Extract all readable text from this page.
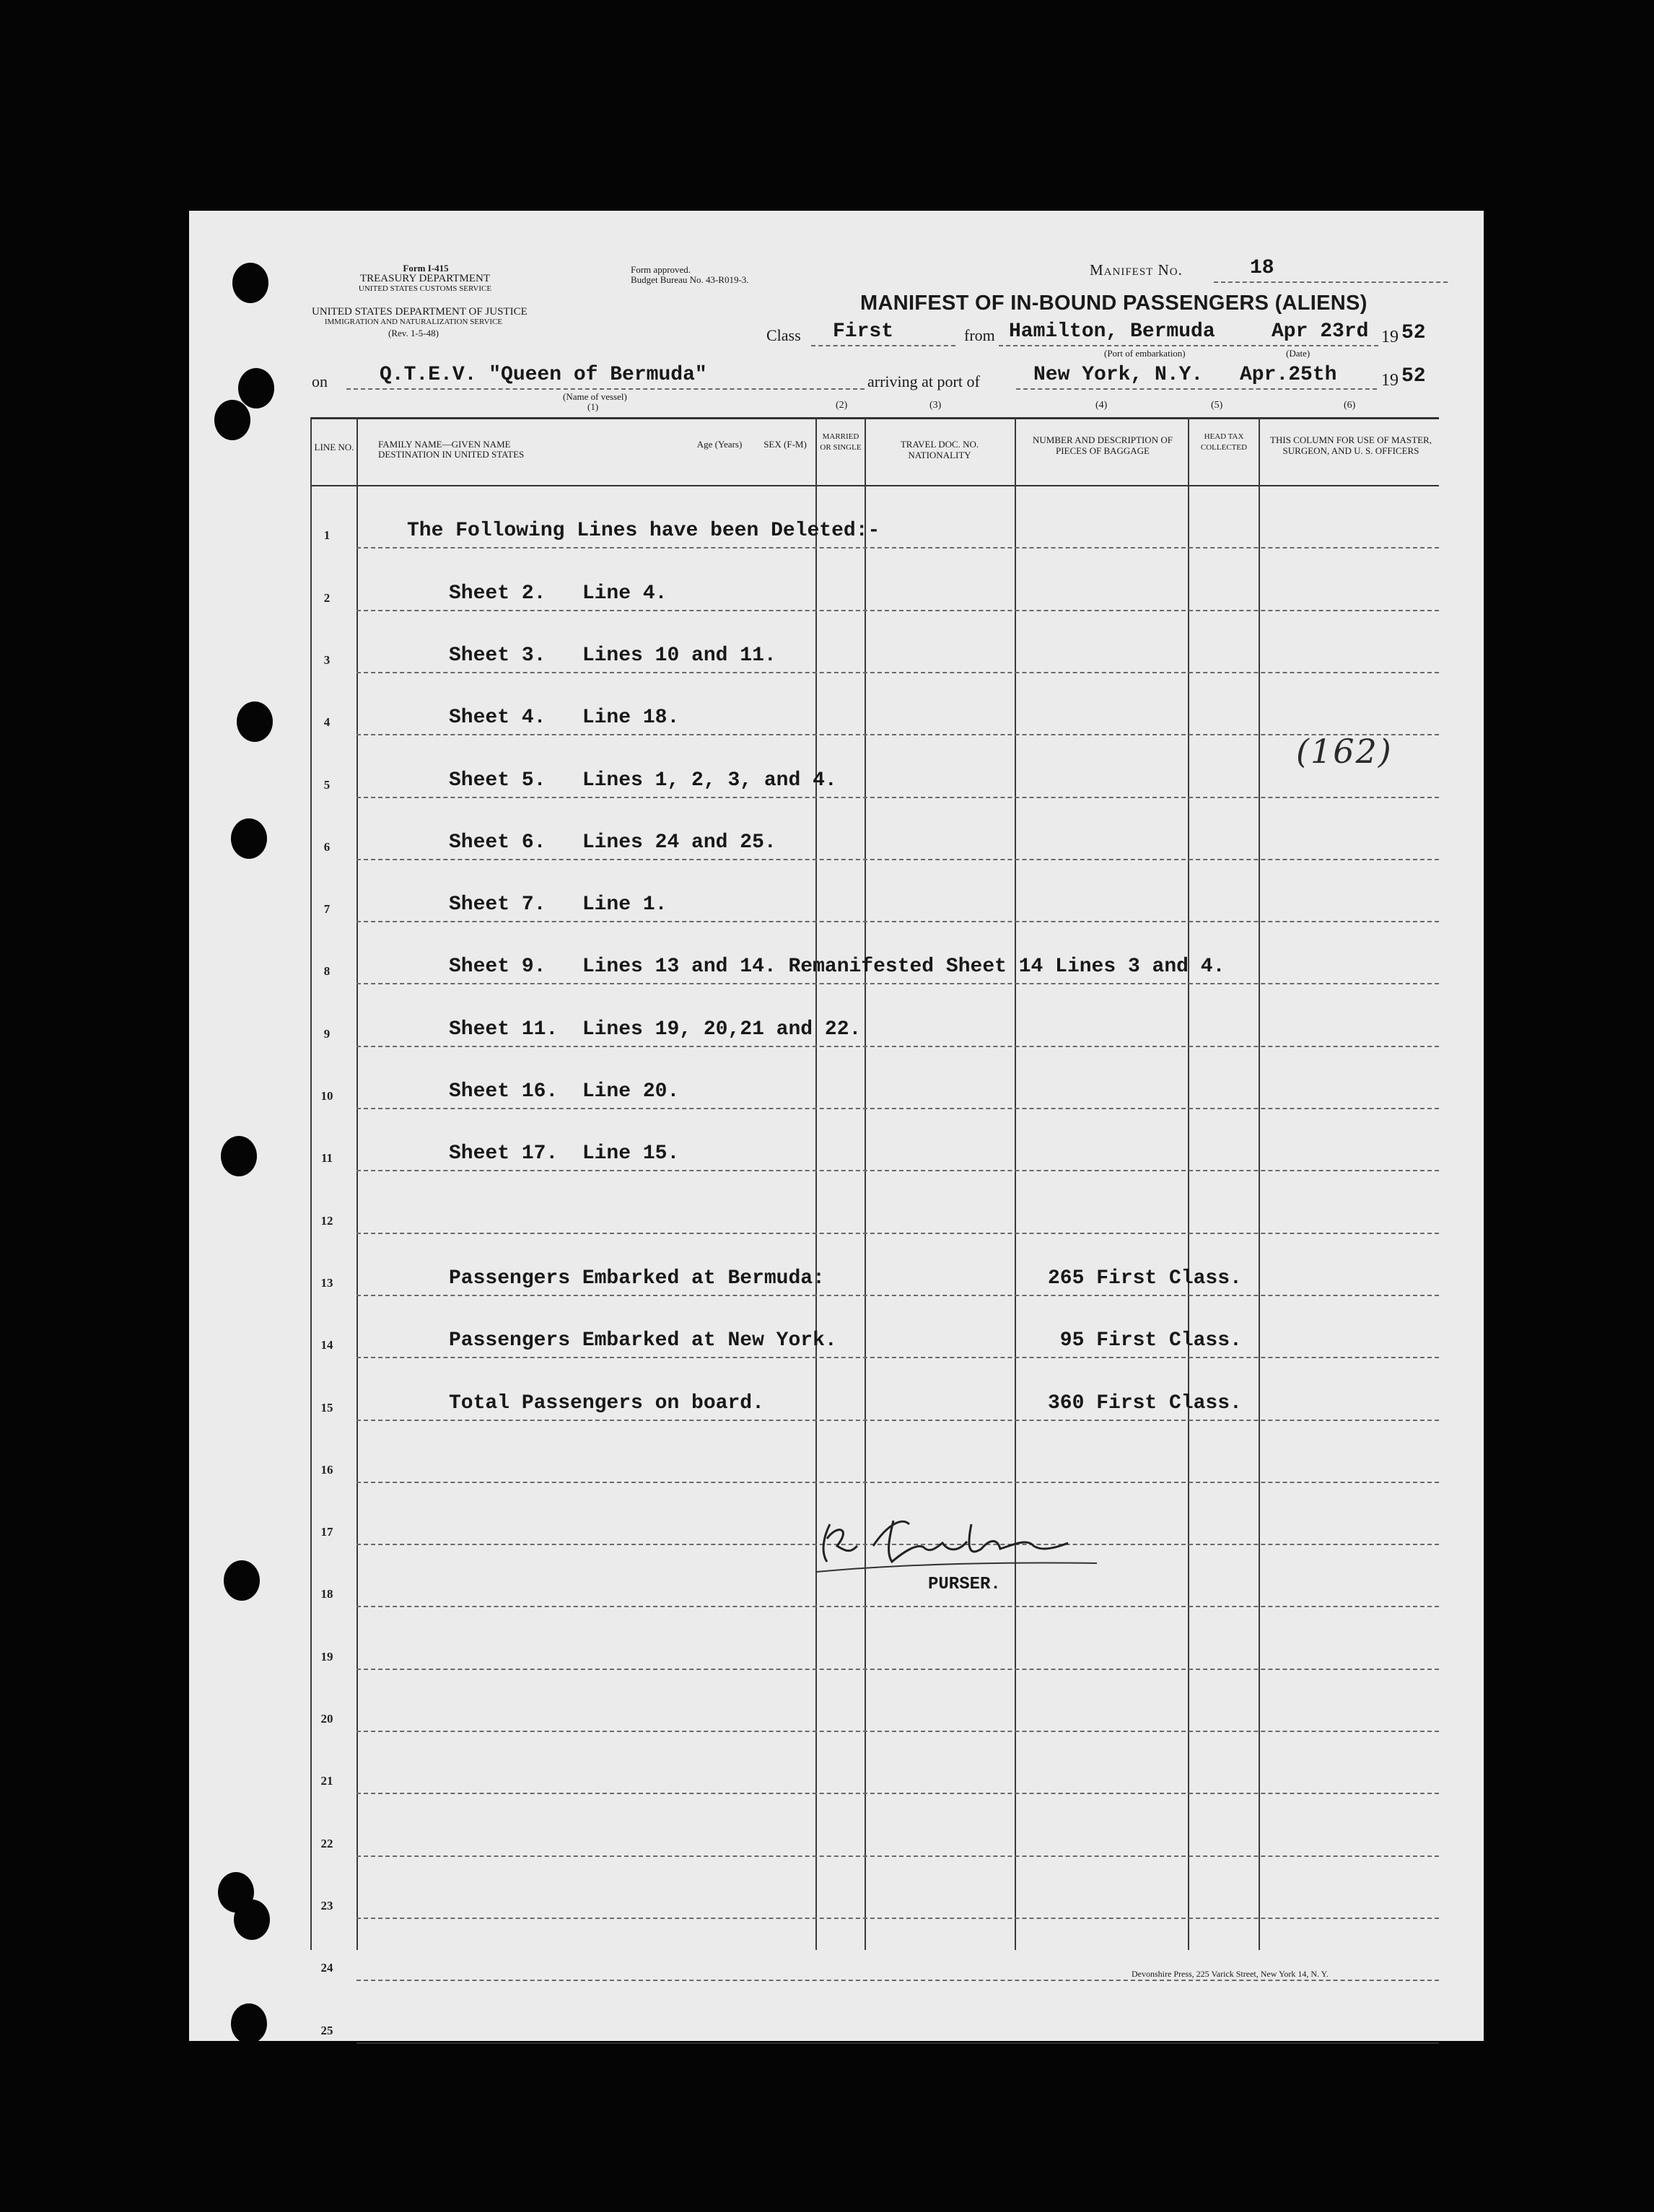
Form I-415
TREASURY DEPARTMENT
UNITED STATES CUSTOMS SERVICE
Form approved.
Budget Bureau No. 43-R019-3.
UNITED STATES DEPARTMENT OF JUSTICE
IMMIGRATION AND NATURALIZATION SERVICE
(Rev. 1-5-48)
Manifest No.	18
MANIFEST OF IN-BOUND PASSENGERS (ALIENS)
Class First	from Hamilton, Bermuda	Apr 23rd 19 52
(Port of embarkation)	(Date)
on	Q.T.E.V. "Queen of Bermuda"
(Name of vessel)
(1)
arriving at port of	New York, N.Y. Apr.25th	19 52
(2)	(3)	(4)	(5)	(6)
LINE NO.	FAMILY NAME—GIVEN NAME
DESTINATION IN UNITED STATES
Age (Years) SEX (F-M)
MARRIED OR SINGLE	TRAVEL DOC. NO. NATIONALITY
NUMBER AND DESCRIPTION OF PIECES OF BAGGAGE
HEAD TAX COLLECTED
THIS COLUMN FOR USE OF MASTER, SURGEON, AND U. S. OFFICERS
1	The Following Lines have been Deleted:-
2	Sheet 2.   Line 4.
3	Sheet 3.   Lines 10 and 11.
4	Sheet 4.   Line 18.
5	Sheet 5.   Lines 1, 2, 3, and 4.
6	Sheet 6.   Lines 24 and 25.
7	Sheet 7.   Line 1.
8	Sheet 9.   Lines 13 and 14. Remanifested Sheet 14 Lines 3 and 4.
9	Sheet 11.  Lines 19, 20,21 and 22.
10	Sheet 16.  Line 20.
11	Sheet 17.  Line 15.
12
13	Passengers Embarked at Bermuda:	265 First Class.
14	Passengers Embarked at New York.	95 First Class.
15	Total Passengers on board.	360 First Class.
16
17
18
19
20
21
22
23
24
25
(162)
PURSER.
Devonshire Press, 225 Varick Street, New York 14, N. Y.
